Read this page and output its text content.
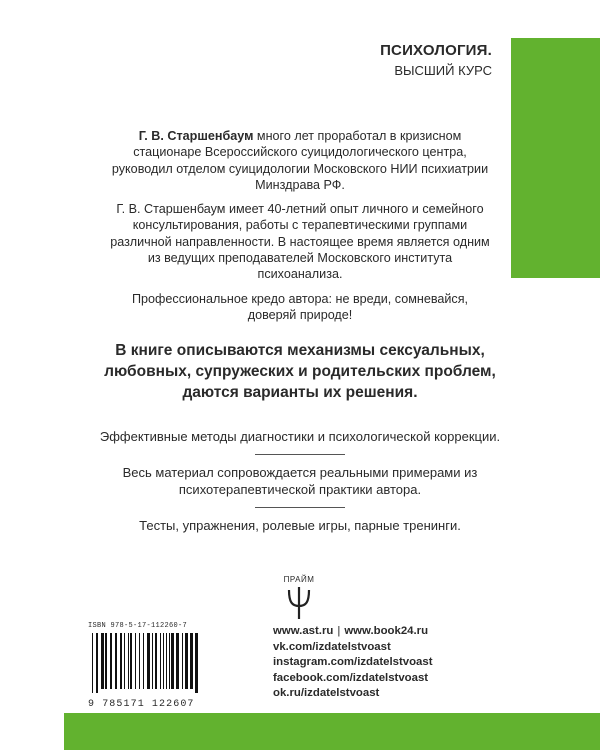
ПСИХОЛОГИЯ.
ВЫСШИЙ КУРС

Г. В. Старшенбаум много лет проработал в кризисном стационаре Всероссийского суицидологического центра, руководил отделом суицидологии Московского НИИ психиатрии Минздрава РФ.

Г. В. Старшенбаум имеет 40-летний опыт личного и семейного консультирования, работы с терапевтическими группами различной направленности. В настоящее время является одним из ведущих преподавателей Московского института психоанализа.

Профессиональное кредо автора: не вреди, сомневайся, доверяй природе!

В книге описываются механизмы сексуальных, любовных, супружеских и родительских проблем, даются варианты их решения.

Эффективные методы диагностики и психологической коррекции.

Весь материал сопровождается реальными примерами из психотерапевтической практики автора.

Тесты, упражнения, ролевые игры, парные тренинги.

ПРАЙМ
ISBN 978-5-17-112260-7
9 785171 122607
www.ast.ru | www.book24.ru
vk.com/izdatelstvoast
instagram.com/izdatelstvoast
facebook.com/izdatelstvoast
ok.ru/izdatelstvoast
